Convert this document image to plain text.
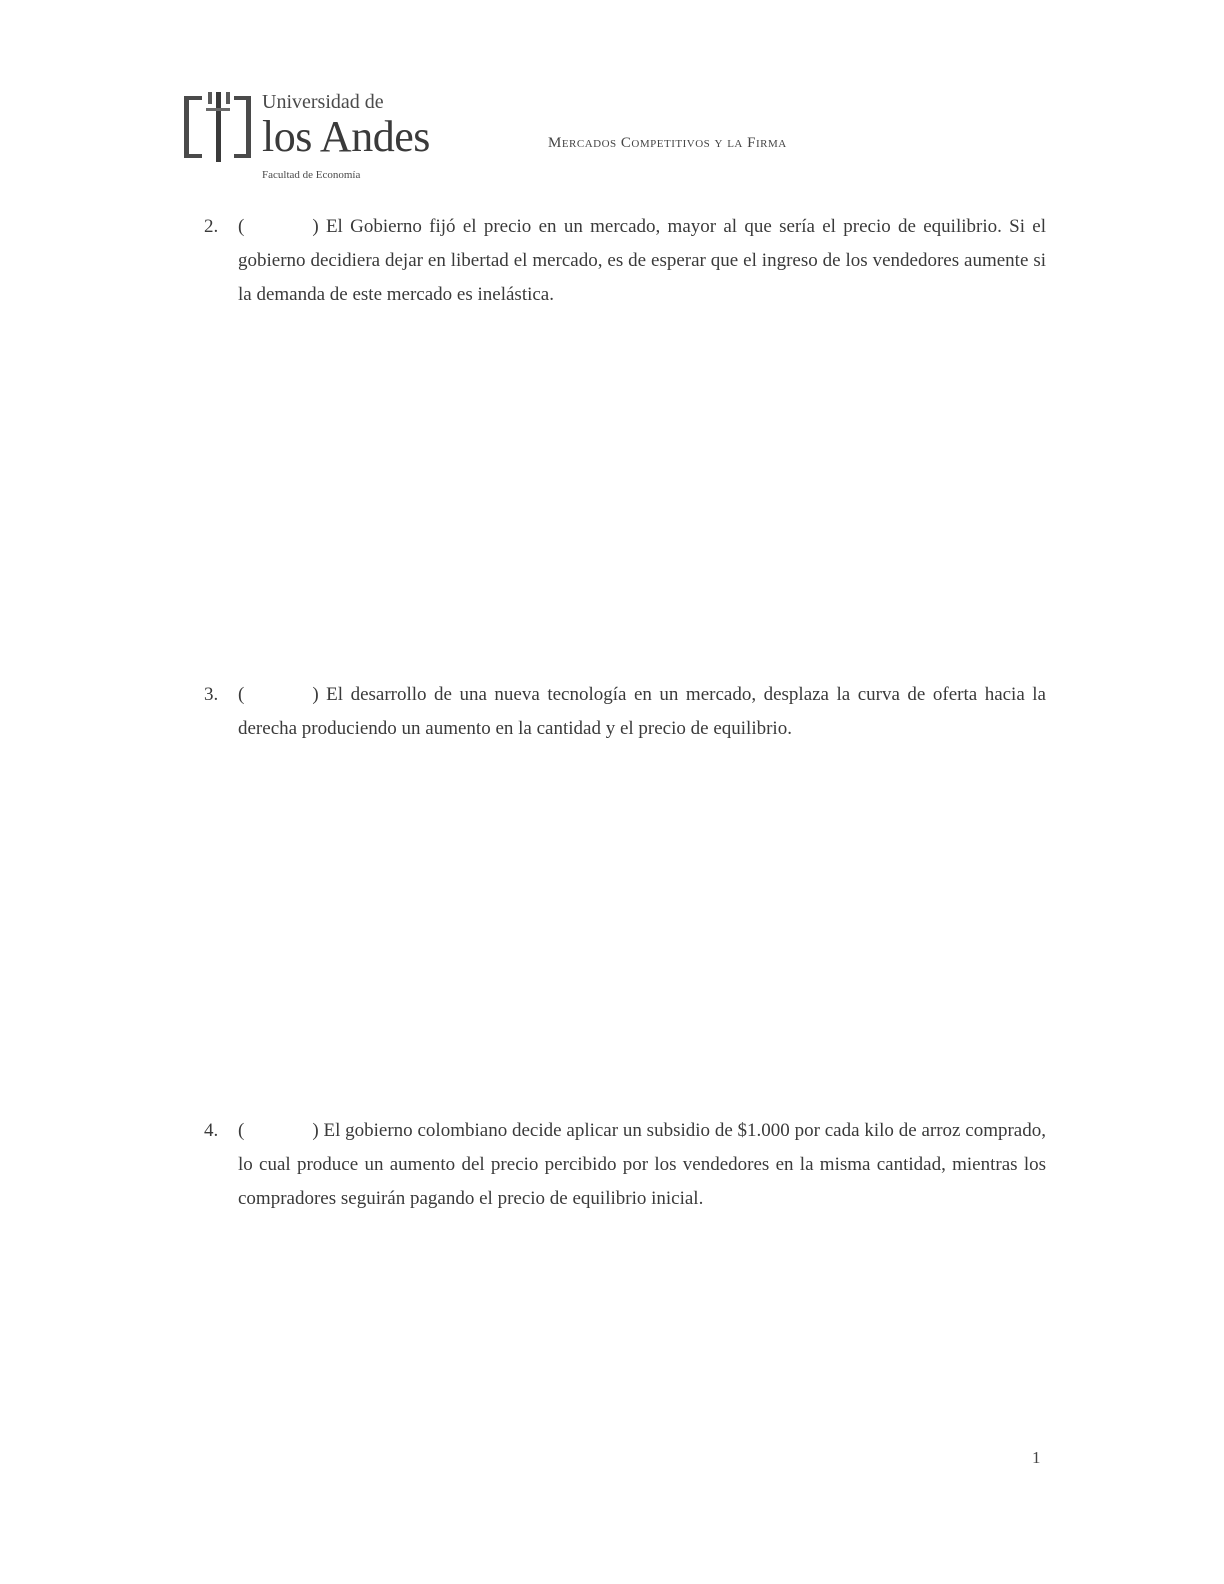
Universidad de
los Andes
Facultad de Economía
Mercados Competitivos y la Firma
2.	(	) El Gobierno fijó el precio en un mercado, mayor al que sería el precio de equilibrio. Si el gobierno decidiera dejar en libertad el mercado, es de esperar que el ingreso de los vendedores aumente si la demanda de este mercado es inelástica.
3.	(	) El desarrollo de una nueva tecnología en un mercado, desplaza la curva de oferta hacia la derecha produciendo un aumento en la cantidad y el precio de equilibrio.
4.	(	) El gobierno colombiano decide aplicar un subsidio de $1.000 por cada kilo de arroz comprado, lo cual produce un aumento del precio percibido por los vendedores en la misma cantidad, mientras los compradores seguirán pagando el precio de equilibrio inicial.
1
